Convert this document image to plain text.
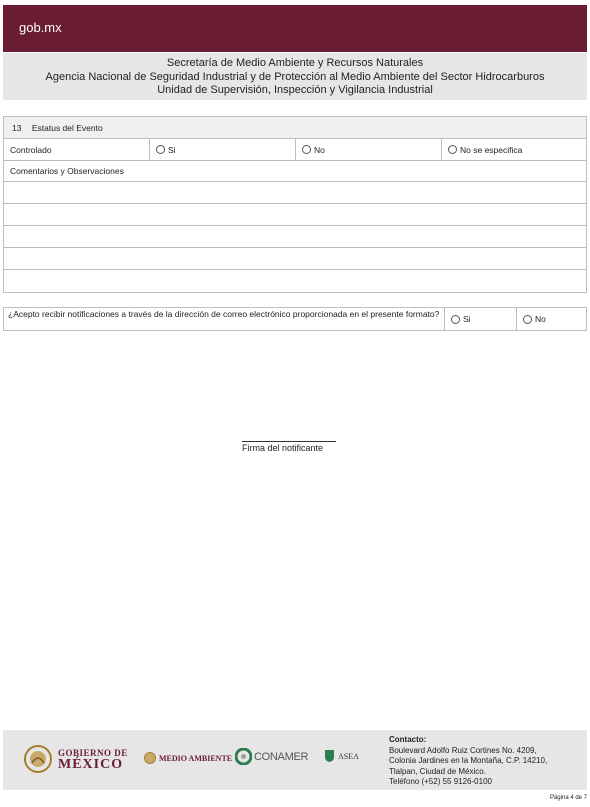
gob.mx
Secretaría de Medio Ambiente y Recursos Naturales
Agencia Nacional de Seguridad Industrial y de Protección al Medio Ambiente del Sector Hidrocarburos
Unidad de Supervisión, Inspección y Vigilancia Industrial
13 Estatus del Evento
Controlado	Si	No	No se especifica
Comentarios y Observaciones
¿Acepto recibir notificaciones a través de la dirección de correo electrónico proporcionada en el presente formato?	Si	No
Firma del notificante
GOBIERNO DE
MÉXICO	MEDIO AMBIENTE CONAMER	ASEA
Contacto:
Boulevard Adolfo Ruiz Cortines No. 4209,
Colonia Jardines en la Montaña, C.P. 14210,
Tlalpan, Ciudad de México.
Teléfono (+52) 55 9126-0100
Página 4 de 7
